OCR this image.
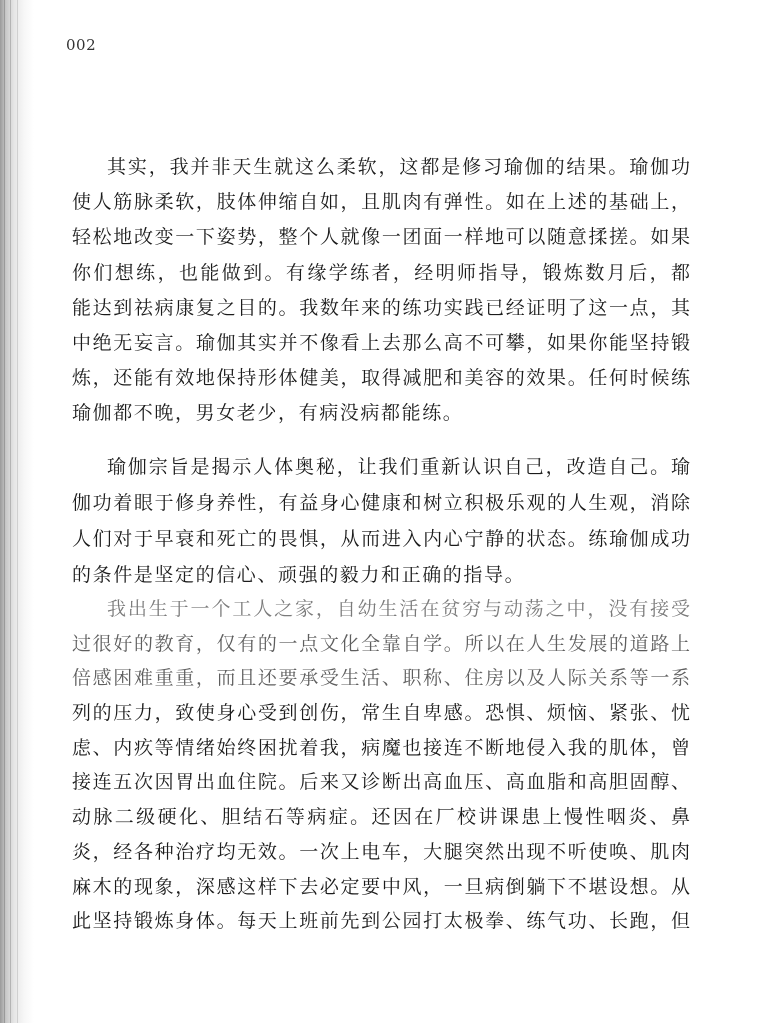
002
其实，我并非天生就这么柔软，这都是修习瑜伽的结果。瑜伽功
使人筋脉柔软，肢体伸缩自如，且肌肉有弹性。如在上述的基础上，
轻松地改变一下姿势，整个人就像一团面一样地可以随意揉搓。如果
你们想练，也能做到。有缘学练者，经明师指导，锻炼数月后，都
能达到祛病康复之目的。我数年来的练功实践已经证明了这一点，其
中绝无妄言。瑜伽其实并不像看上去那么高不可攀，如果你能坚持锻
炼，还能有效地保持形体健美，取得减肥和美容的效果。任何时候练
瑜伽都不晚，男女老少，有病没病都能练。
瑜伽宗旨是揭示人体奥秘，让我们重新认识自己，改造自己。瑜
伽功着眼于修身养性，有益身心健康和树立积极乐观的人生观，消除
人们对于早衰和死亡的畏惧，从而进入内心宁静的状态。练瑜伽成功
的条件是坚定的信心、顽强的毅力和正确的指导。
我出生于一个工人之家，自幼生活在贫穷与动荡之中，没有接受
过很好的教育，仅有的一点文化全靠自学。所以在人生发展的道路上
倍感困难重重，而且还要承受生活、职称、住房以及人际关系等一系
列的压力，致使身心受到创伤，常生自卑感。恐惧、烦恼、紧张、忧
虑、内疚等情绪始终困扰着我，病魔也接连不断地侵入我的肌体，曾
接连五次因胃出血住院。后来又诊断出高血压、高血脂和高胆固醇、
动脉二级硬化、胆结石等病症。还因在厂校讲课患上慢性咽炎、鼻
炎，经各种治疗均无效。一次上电车，大腿突然出现不听使唤、肌肉
麻木的现象，深感这样下去必定要中风，一旦病倒躺下不堪设想。从
此坚持锻炼身体。每天上班前先到公园打太极拳、练气功、长跑，但
